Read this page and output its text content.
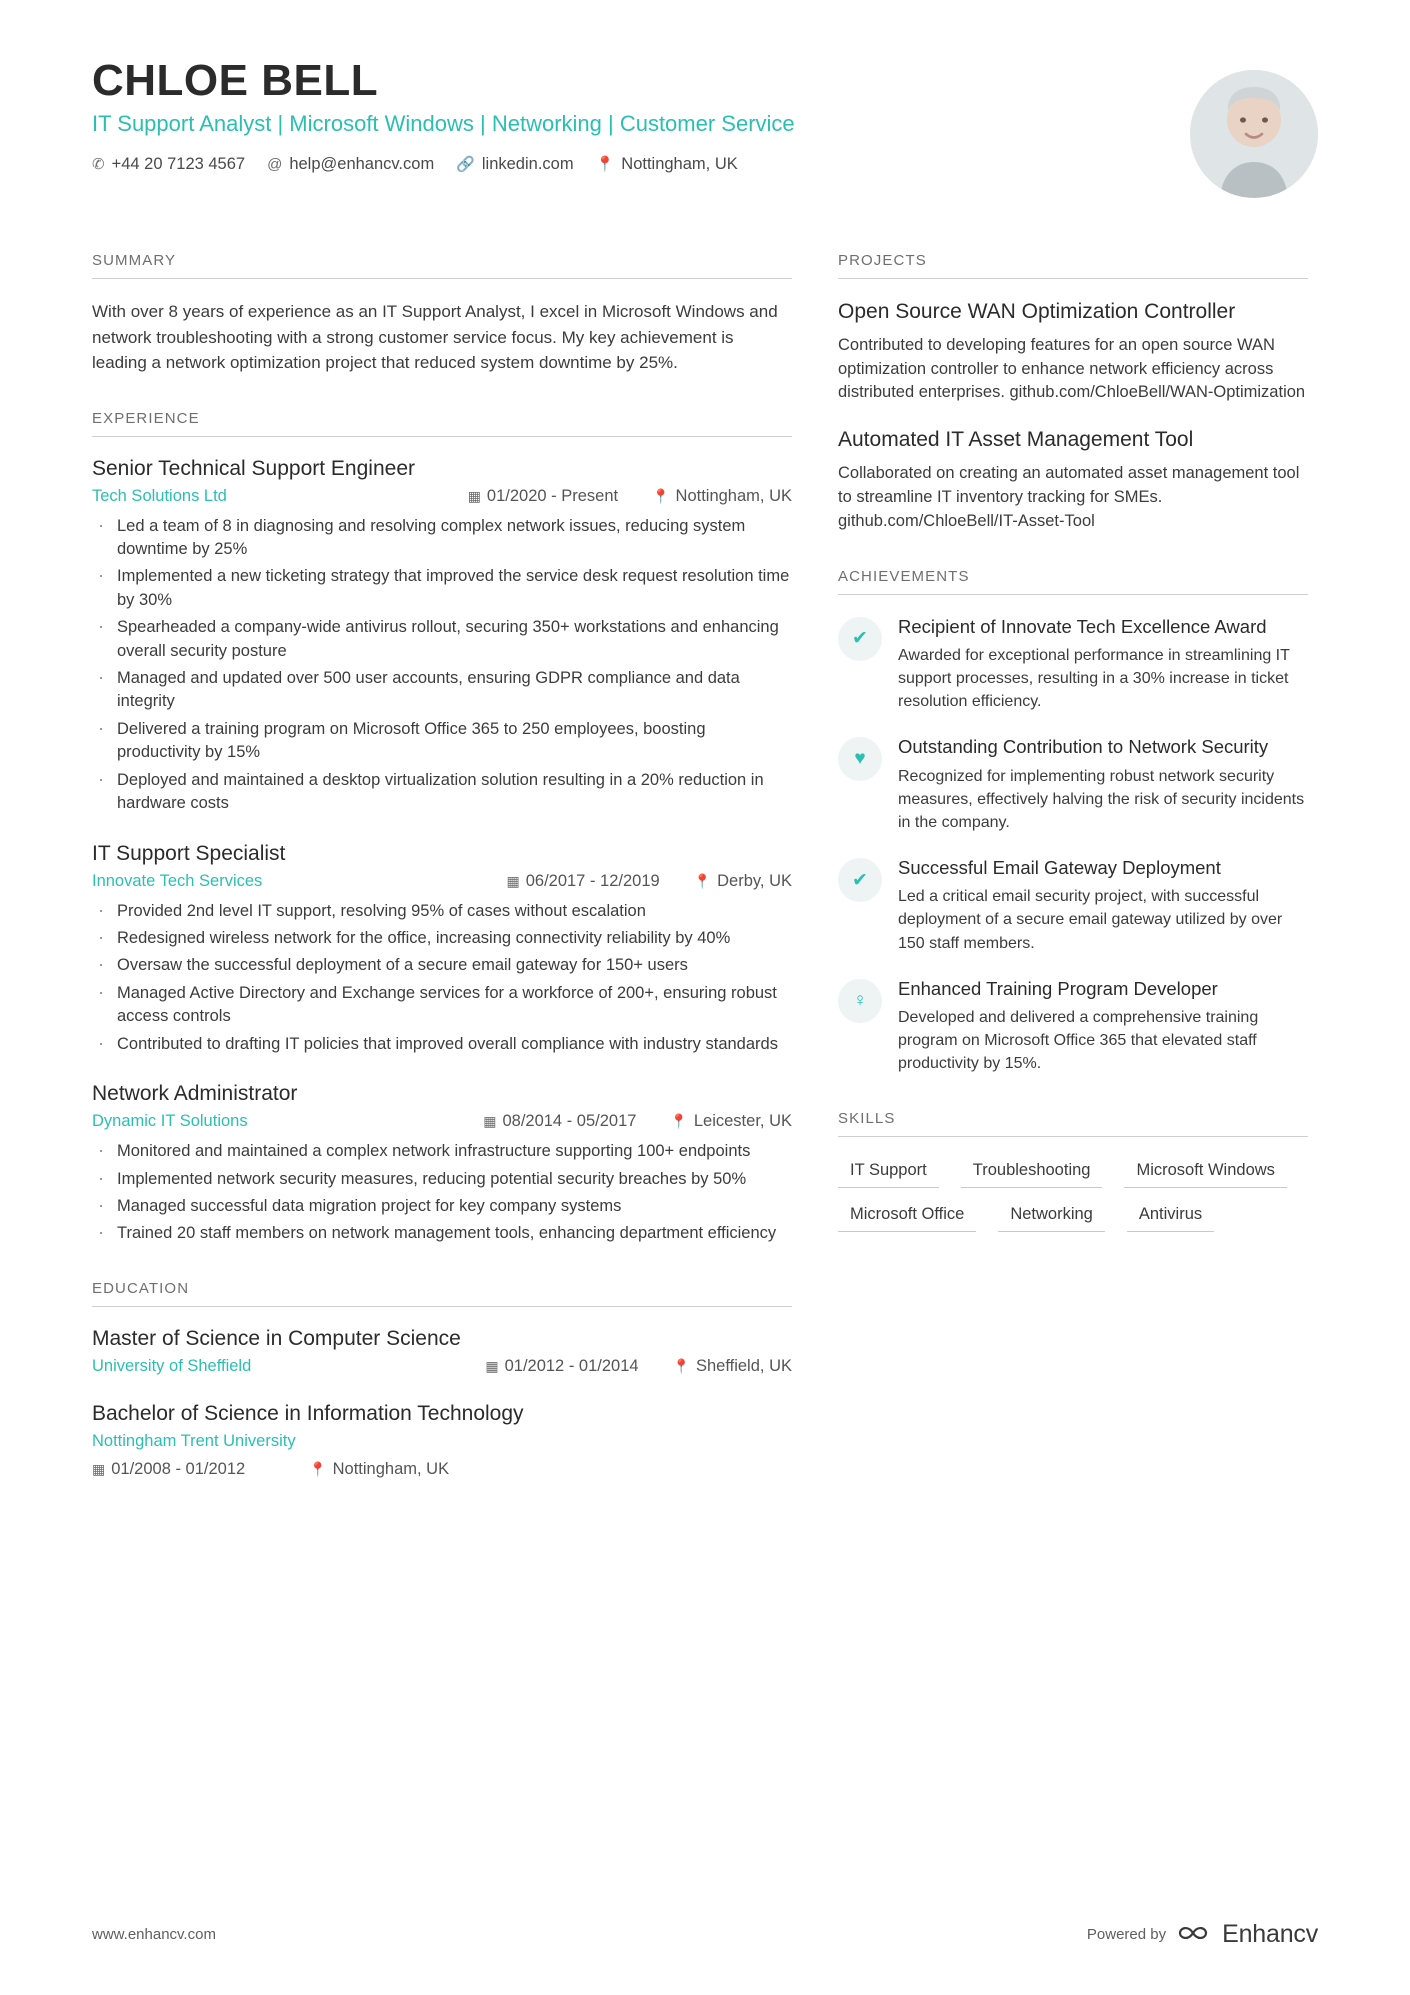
CHLOE BELL
IT Support Analyst | Microsoft Windows | Networking | Customer Service
✆ +44 20 7123 4567 @ help@enhancv.com 🔗 linkedin.com 📍 Nottingham, UK
SUMMARY
With over 8 years of experience as an IT Support Analyst, I excel in Microsoft Windows and network troubleshooting with a strong customer service focus. My key achievement is leading a network optimization project that reduced system downtime by 25%.
EXPERIENCE
Senior Technical Support Engineer
Tech Solutions Ltd	▦ 01/2020 - Present 📍 Nottingham, UK
· Led a team of 8 in diagnosing and resolving complex network issues, reducing system downtime by 25%
· Implemented a new ticketing strategy that improved the service desk request resolution time by 30%
· Spearheaded a company-wide antivirus rollout, securing 350+ workstations and enhancing overall security posture
· Managed and updated over 500 user accounts, ensuring GDPR compliance and data integrity
· Delivered a training program on Microsoft Office 365 to 250 employees, boosting productivity by 15%
· Deployed and maintained a desktop virtualization solution resulting in a 20% reduction in hardware costs
IT Support Specialist
Innovate Tech Services	▦ 06/2017 - 12/2019 📍 Derby, UK
· Provided 2nd level IT support, resolving 95% of cases without escalation
· Redesigned wireless network for the office, increasing connectivity reliability by 40%
· Oversaw the successful deployment of a secure email gateway for 150+ users
· Managed Active Directory and Exchange services for a workforce of 200+, ensuring robust access controls
· Contributed to drafting IT policies that improved overall compliance with industry standards
Network Administrator
Dynamic IT Solutions	▦ 08/2014 - 05/2017 📍 Leicester, UK
· Monitored and maintained a complex network infrastructure supporting 100+ endpoints
· Implemented network security measures, reducing potential security breaches by 50%
· Managed successful data migration project for key company systems
· Trained 20 staff members on network management tools, enhancing department efficiency
EDUCATION
Master of Science in Computer Science
University of Sheffield	▦ 01/2012 - 01/2014 📍 Sheffield, UK
Bachelor of Science in Information Technology
Nottingham Trent University
▦ 01/2008 - 01/2012	📍 Nottingham, UK
PROJECTS
Open Source WAN Optimization Controller
Contributed to developing features for an open source WAN optimization controller to enhance network efficiency across distributed enterprises. github.com/ChloeBell/WAN-Optimization
Automated IT Asset Management Tool
Collaborated on creating an automated asset management tool to streamline IT inventory tracking for SMEs. github.com/ChloeBell/IT-Asset-Tool
ACHIEVEMENTS
✔
Recipient of Innovate Tech Excellence Award
Awarded for exceptional performance in streamlining IT support processes, resulting in a 30% increase in ticket resolution efficiency.
♥
Outstanding Contribution to Network Security
Recognized for implementing robust network security measures, effectively halving the risk of security incidents in the company.
✔
Successful Email Gateway Deployment
Led a critical email security project, with successful deployment of a secure email gateway utilized by over 150 staff members.
♀
Enhanced Training Program Developer
Developed and delivered a comprehensive training program on Microsoft Office 365 that elevated staff productivity by 15%.
SKILLS
IT Support	Troubleshooting	Microsoft Windows
Microsoft Office	Networking	Antivirus
www.enhancv.com	Powered by Enhancv
